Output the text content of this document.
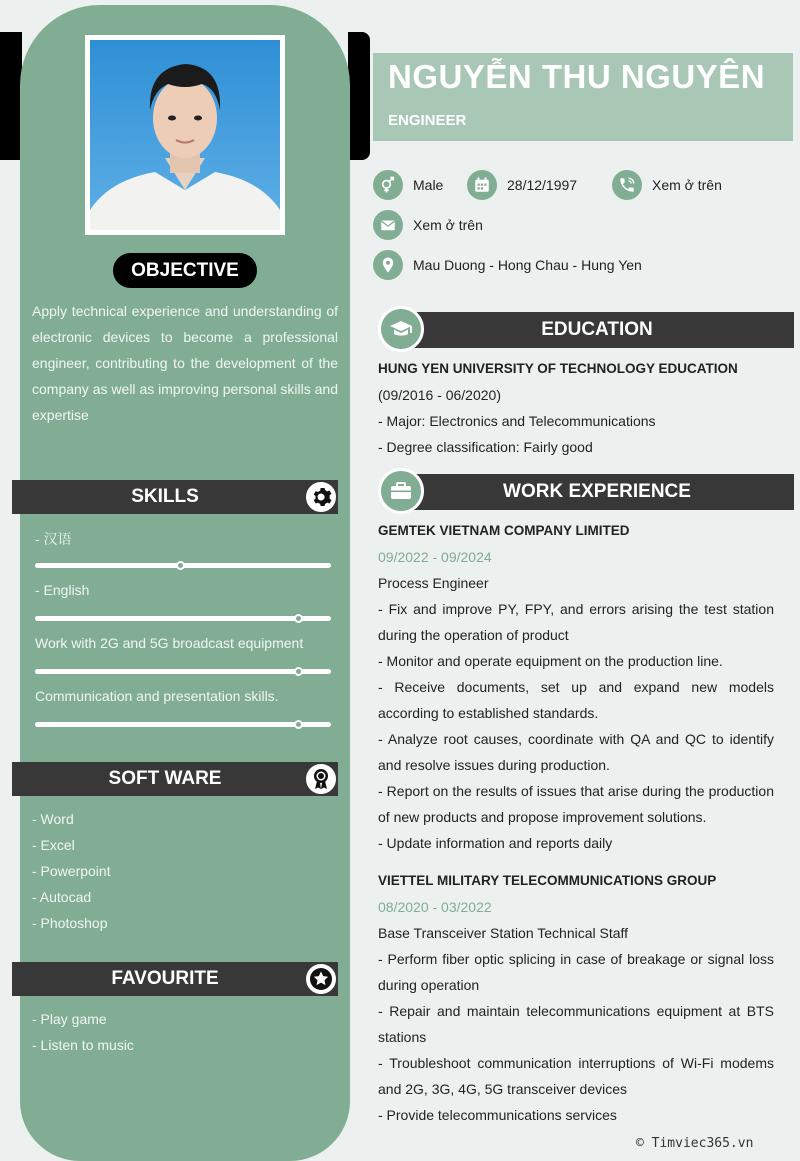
OBJECTIVE
Apply technical experience and understanding of electronic devices to become a professional engineer, contributing to the development of the company as well as improving personal skills and expertise
SKILLS
- 汉语
- English
Work with 2G and 5G broadcast equipment
Communication and presentation skills.
SOFT WARE
- Word
- Excel
- Powerpoint
- Autocad
- Photoshop
FAVOURITE
- Play game
- Listen to music
NGUYỄN THU NGUYÊN
ENGINEER
Male	28/12/1997	Xem ở trên
Xem ở trên
Mau Duong - Hong Chau - Hung Yen
EDUCATION

HUNG YEN UNIVERSITY OF TECHNOLOGY EDUCATION

(09/2016 - 06/2020)

- Major: Electronics and Telecommunications

- Degree classification: Fairly good

WORK EXPERIENCE

GEMTEK VIETNAM COMPANY LIMITED

09/2022 - 09/2024

Process Engineer

- Fix and improve PY, FPY, and errors arising the test station during the operation of product

- Monitor and operate equipment on the production line.

- Receive documents, set up and expand new models according to established standards.

- Analyze root causes, coordinate with QA and QC to identify and resolve issues during production.

- Report on the results of issues that arise during the production of new products and propose improvement solutions.

- Update information and reports daily

VIETTEL MILITARY TELECOMMUNICATIONS GROUP

08/2020 - 03/2022

Base Transceiver Station Technical Staff

- Perform fiber optic splicing in case of breakage or signal loss during operation

- Repair and maintain telecommunications equipment at BTS stations

- Troubleshoot communication interruptions of Wi-Fi modems and 2G, 3G, 4G, 5G transceiver devices

- Provide telecommunications services

© Timviec365.vn
